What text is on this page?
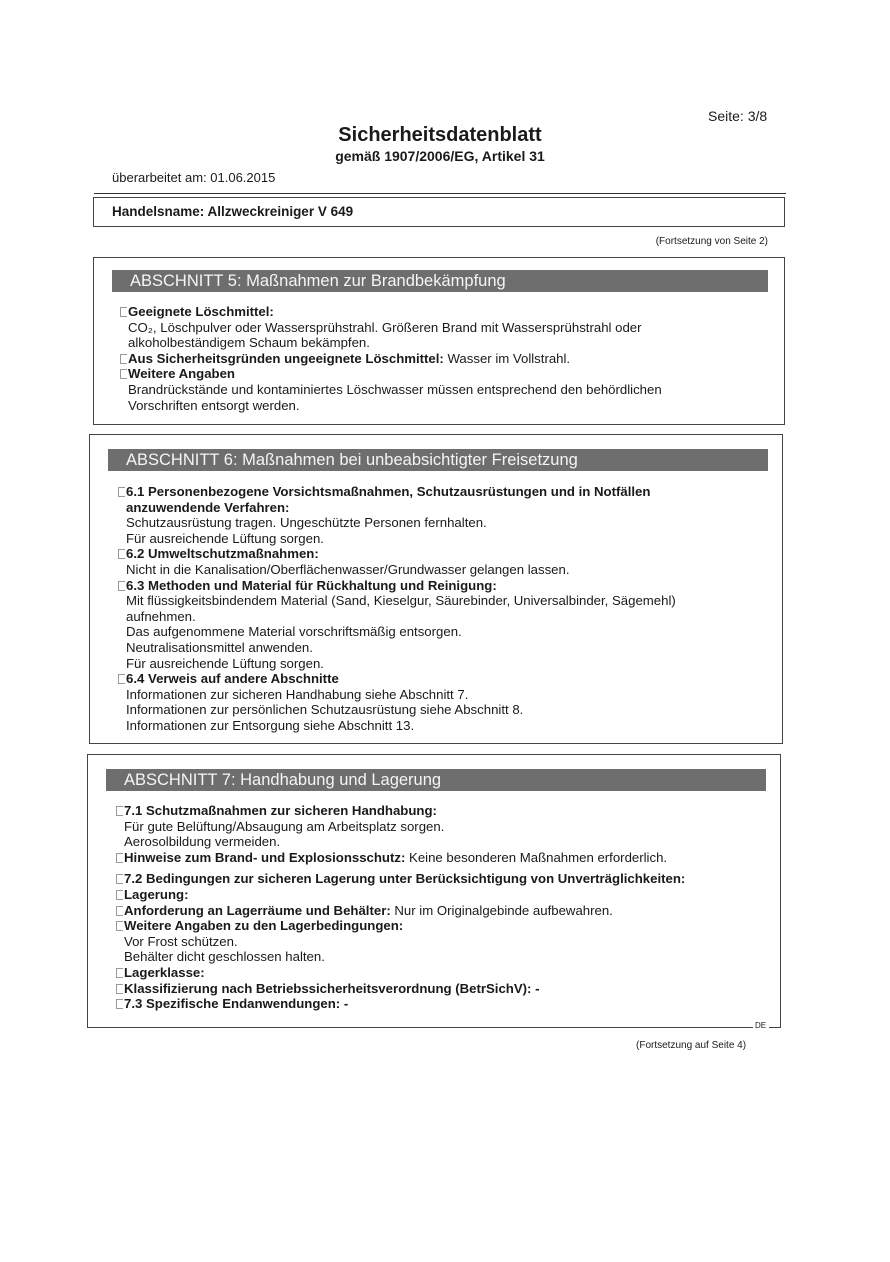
Seite: 3/8
Sicherheitsdatenblatt
gemäß 1907/2006/EG, Artikel 31
überarbeitet am: 01.06.2015
Handelsname: Allzweckreiniger V 649
(Fortsetzung von Seite 2)
ABSCHNITT 5: Maßnahmen zur Brandbekämpfung
Geeignete Löschmittel:
CO₂, Löschpulver oder Wassersprühstrahl. Größeren Brand mit Wassersprühstrahl oder
alkoholbeständigem Schaum bekämpfen.
Aus Sicherheitsgründen ungeeignete Löschmittel: Wasser im Vollstrahl.
Weitere Angaben
Brandrückstände und kontaminiertes Löschwasser müssen entsprechend den behördlichen
Vorschriften entsorgt werden.
ABSCHNITT 6: Maßnahmen bei unbeabsichtigter Freisetzung
6.1 Personenbezogene Vorsichtsmaßnahmen, Schutzausrüstungen und in Notfällen
anzuwendende Verfahren:
Schutzausrüstung tragen. Ungeschützte Personen fernhalten.
Für ausreichende Lüftung sorgen.
6.2 Umweltschutzmaßnahmen:
Nicht in die Kanalisation/Oberflächenwasser/Grundwasser gelangen lassen.
6.3 Methoden und Material für Rückhaltung und Reinigung:
Mit flüssigkeitsbindendem Material (Sand, Kieselgur, Säurebinder, Universalbinder, Sägemehl)
aufnehmen.
Das aufgenommene Material vorschriftsmäßig entsorgen.
Neutralisationsmittel anwenden.
Für ausreichende Lüftung sorgen.
6.4 Verweis auf andere Abschnitte
Informationen zur sicheren Handhabung siehe Abschnitt 7.
Informationen zur persönlichen Schutzausrüstung siehe Abschnitt 8.
Informationen zur Entsorgung siehe Abschnitt 13.
ABSCHNITT 7: Handhabung und Lagerung
7.1 Schutzmaßnahmen zur sicheren Handhabung:
Für gute Belüftung/Absaugung am Arbeitsplatz sorgen.
Aerosolbildung vermeiden.
Hinweise zum Brand- und Explosionsschutz: Keine besonderen Maßnahmen erforderlich.
7.2 Bedingungen zur sicheren Lagerung unter Berücksichtigung von Unverträglichkeiten:
Lagerung:
Anforderung an Lagerräume und Behälter: Nur im Originalgebinde aufbewahren.
Weitere Angaben zu den Lagerbedingungen:
Vor Frost schützen.
Behälter dicht geschlossen halten.
Lagerklasse:
Klassifizierung nach Betriebssicherheitsverordnung (BetrSichV): -
7.3 Spezifische Endanwendungen: -
DE
(Fortsetzung auf Seite 4)
